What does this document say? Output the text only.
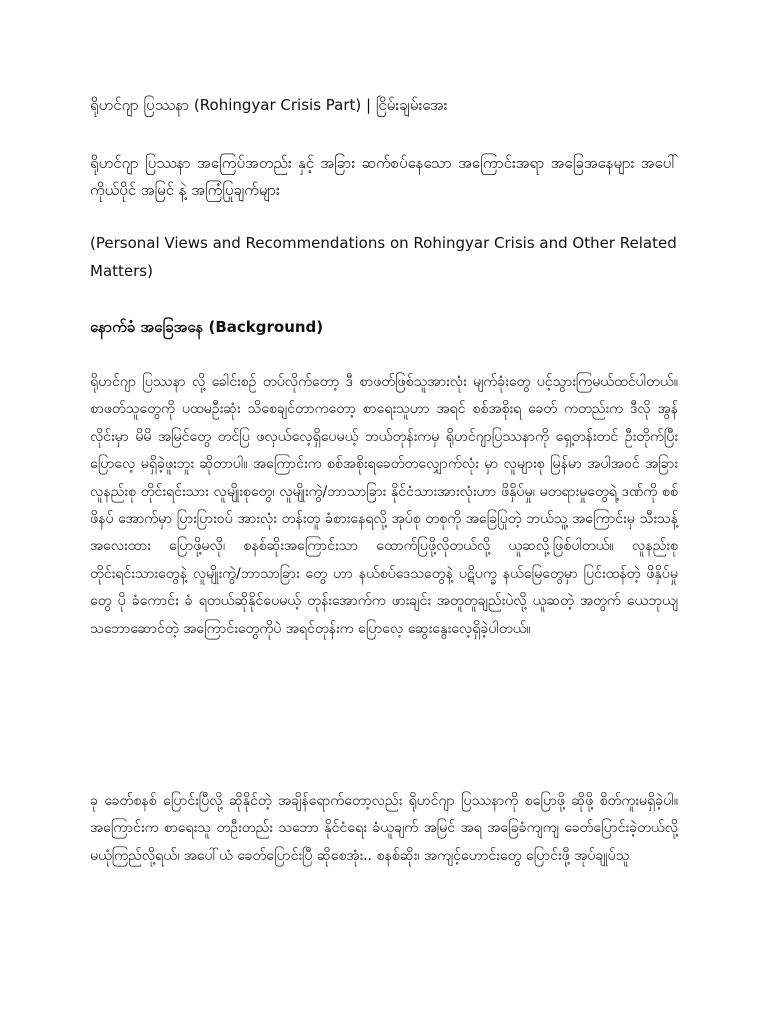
ရိုဟင်ဂျာ ပြဿနာ (Rohingyar Crisis Part) | ငြိမ်းချမ်းအေး

ရိုဟင်ဂျာ ပြဿနာ အကြေပ်အတည်း နှင့် အခြား ဆက်စပ်နေသော အကြောင်းအရာ အခြေအနေများ အပေါ် ကိုယ်ပိုင် အမြင် နဲ့ အကြံပြုချက်များ

(Personal Views and Recommendations on Rohingyar Crisis and Other Related Matters)

နောက်ခံ အခြေအနေ (Background)

ရိုဟင်ဂျာ ပြဿနာ လို့ ခေါင်းစဉ် တပ်လိုက်တော့ ဒီ စာဖတ်ဖြစ်သူအားလုံး မျက်ခုံးတွေ ပင့်သွားကြမယ်ထင်ပါတယ်။ စာဖတ်သူတွေကို ပထမဦးဆုံး သိစေချင်တာကတော့ စာရေးသူဟာ အရင် စစ်အစိုးရ ခေတ် ကတည်းက ဒီလို အွန်လိုင်းမှာ မိမိ အမြင်တွေ တင်ပြ ဖလှယ်လေ့ရှိပေမယ့် ဘယ်တုန်းကမှ ရိုဟင်ဂျာပြဿနာကို ရှေ့တန်းတင် ဦးတိုက်ပြီး ပြောလေ့ မရှိခဲ့ဖူးဘူး ဆိုတာပါ။ အကြောင်းက စစ်အစိုးရခေတ်တလျှောက်လုံး မှာ လူများစု မြန်မာ အပါအဝင် အခြား လူနည်းစု တိုင်းရင်းသား လူမျိုးစုတွေ၊ လူမျိုးကွဲ/ဘာသာခြား နိုင်ငံသားအားလုံးဟာ ဖိနှိပ်မှု၊ မတရားမှုတွေရဲ့ ဒဏ်ကို စစ်ဖိနပ် အောက်မှာ ပြားပြားဝပ် အားလုံး တန်းတူ ခံစားနေရလို့ အုပ်စု တစုကို အခြေပြုတဲ့ ဘယ်သူ့ အကြောင်းမှ သီးသန့် အလေးထား ပြောဖို့မလို၊ စနစ်ဆိုးအကြောင်းသာ ထောက်ပြဖို့လိုတယ်လို့ ယူဆလို့ဖြစ်ပါတယ်။ လူနည်းစု တိုင်းရင်းသားတွေနဲ့ လူမျိုးကွဲ/ဘာသာခြား တွေ ဟာ နယ်စပ်ဒေသတွေနဲ့ ပဋိပက္ခ နယ်မြေတွေမှာ ပြင်းထန်တဲ့ ဖိနှိပ်မှုတွေ ပို ခံကောင်း ခံ ရတယ်ဆိုနိုင်ပေမယ့် တုန်းအောက်က ဖားချင်း အတူတူချည်းပဲလို့ ယူဆတဲ့ အတွက် ယေဘုယျ သဘောဆောင်တဲ့ အကြောင်းတွေကိုပဲ အရင်တုန်းက ပြောလေ့ ဆွေးနွေးလေ့ရှိခဲ့ပါတယ်။

ခု ခေတ်စနစ် ပြောင်းပြီလို့ ဆိုနိုင်တဲ့ အချိန်ရောက်တော့လည်း ရိုဟင်ဂျာ ပြဿနာကို စပြောဖို့ ဆိုဖို့ စိတ်ကူးမရှိခဲ့ပါ။ အကြောင်းက စာရေးသူ တဦးတည်း သဘော နိုင်ငံရေး ခံယူချက် အမြင် အရ အခြေခံကျကျ ခေတ်ပြောင်းခဲ့တယ်လို့ မယုံကြည်လို့ရယ်၊ အပေါ်ယံ ခေတ်ပြောင်းပြီ ဆိုစေအုံး.. စနစ်ဆိုး၊ အကျင့်ဟောင်းတွေ ပြောင်းဖို့ အုပ်ချုပ်သူ
